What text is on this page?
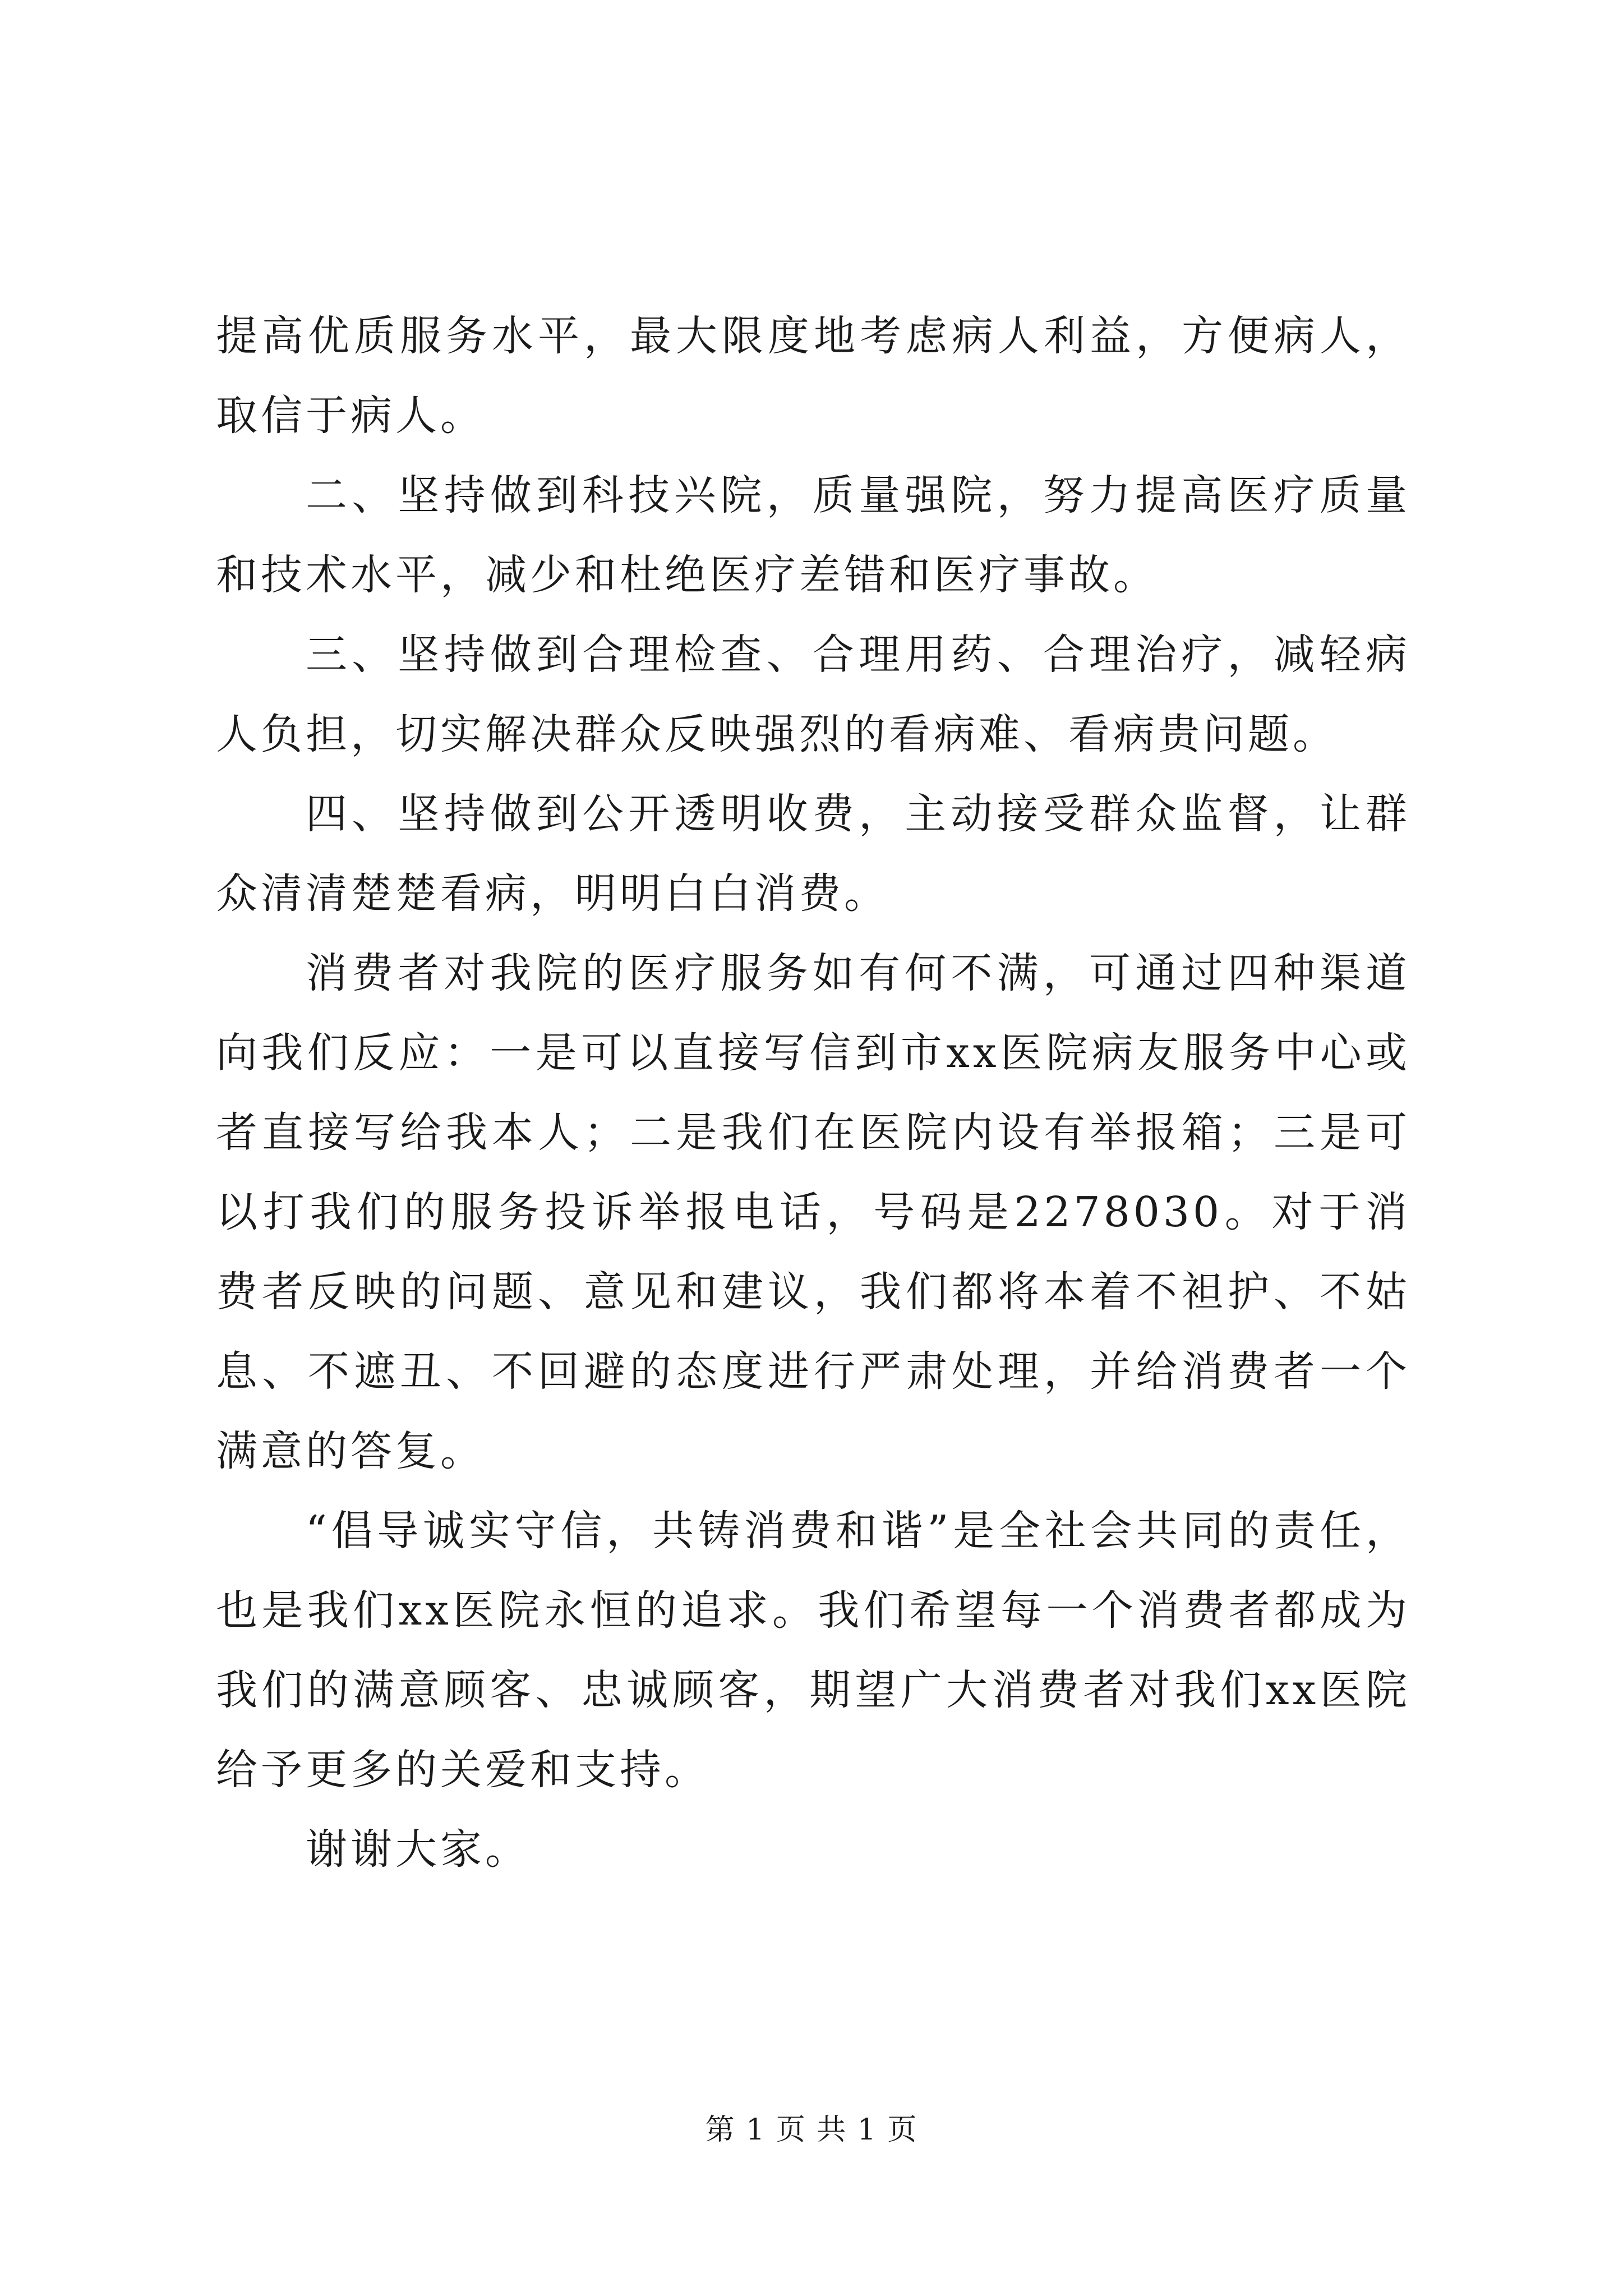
提高优质服务水平，最大限度地考虑病人利益，方便病人，取信于病人。

二、坚持做到科技兴院，质量强院，努力提高医疗质量和技术水平，减少和杜绝医疗差错和医疗事故。

三、坚持做到合理检查、合理用药、合理治疗，减轻病人负担，切实解决群众反映强烈的看病难、看病贵问题。

四、坚持做到公开透明收费，主动接受群众监督，让群众清清楚楚看病，明明白白消费。

消费者对我院的医疗服务如有何不满，可通过四种渠道向我们反应：一是可以直接写信到市xx医院病友服务中心或者直接写给我本人；二是我们在医院内设有举报箱；三是可以打我们的服务投诉举报电话，号码是2278030。对于消费者反映的问题、意见和建议，我们都将本着不袒护、不姑息、不遮丑、不回避的态度进行严肃处理，并给消费者一个满意的答复。

“倡导诚实守信，共铸消费和谐”是全社会共同的责任，也是我们xx医院永恒的追求。我们希望每一个消费者都成为我们的满意顾客、忠诚顾客，期望广大消费者对我们xx医院给予更多的关爱和支持。

谢谢大家。

第 1 页 共 1 页
